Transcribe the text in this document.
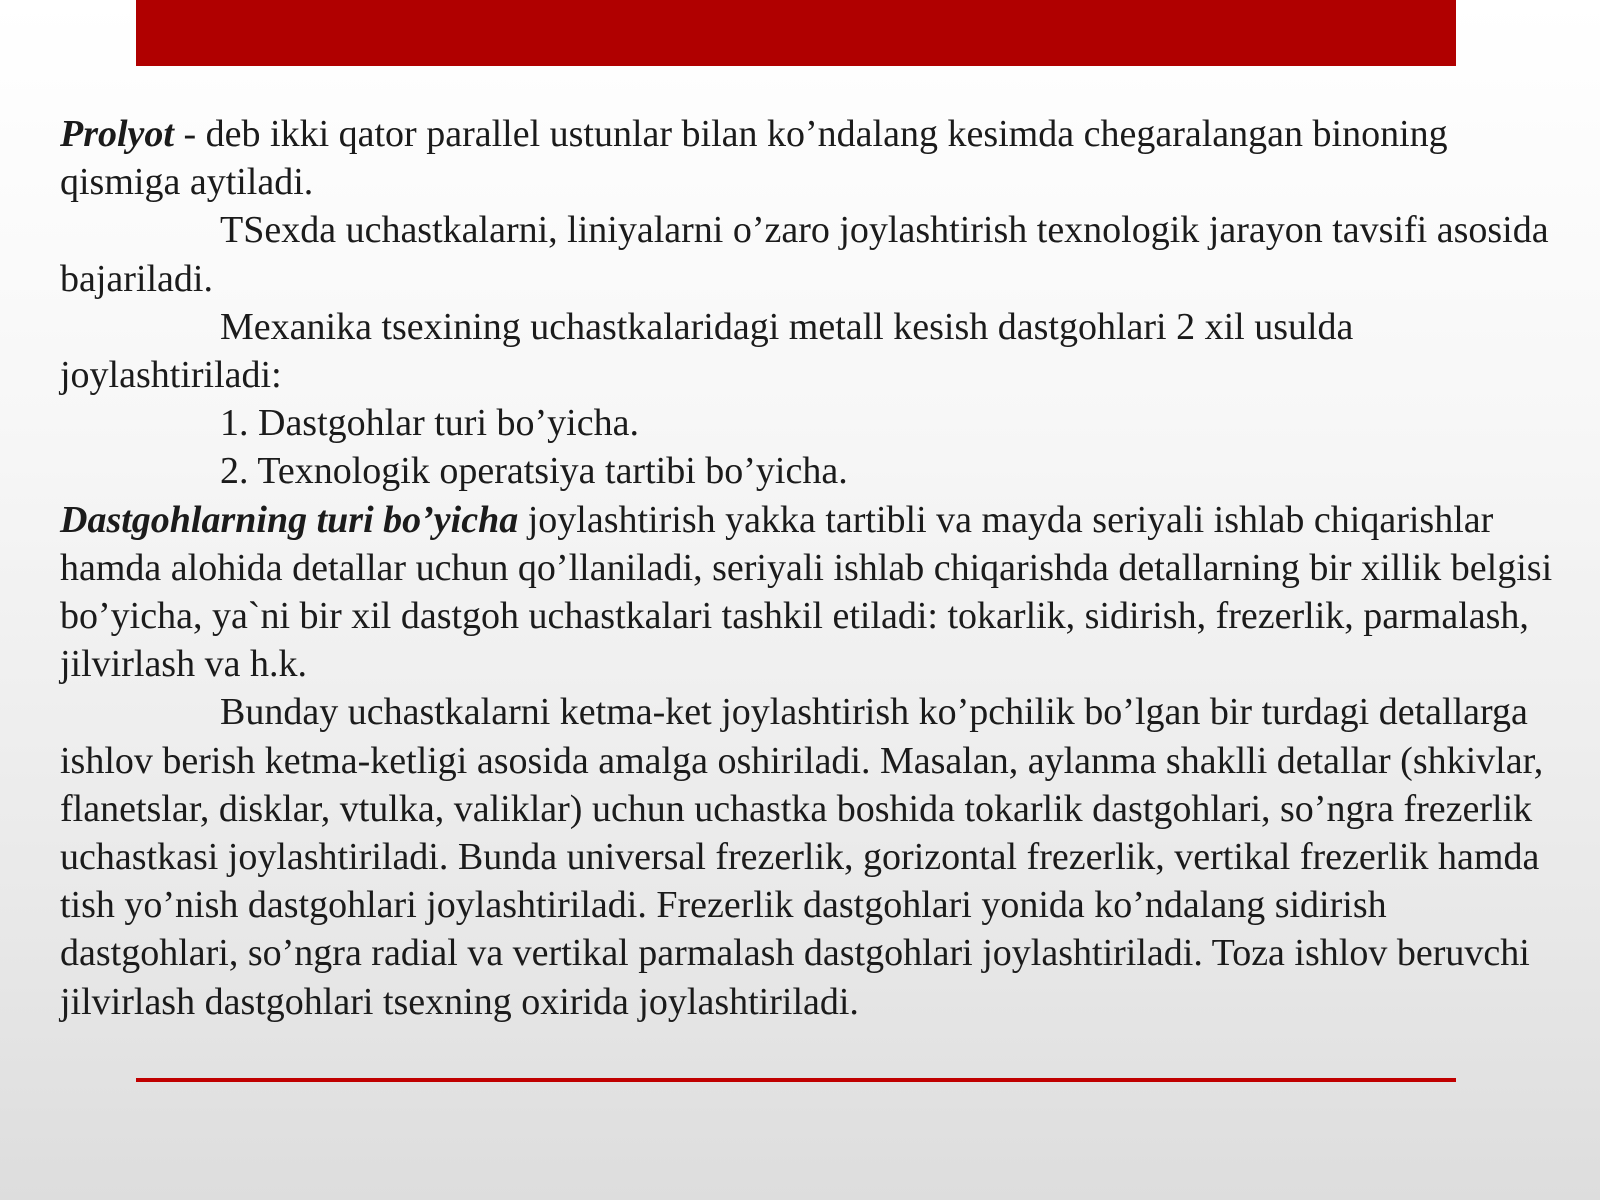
Prolyot - deb ikki qator parallel ustunlar bilan ko’ndalang kesimda chegaralangan binoning qismiga aytiladi.

TSexda uchastkalarni, liniyalarni o’zaro joylashtirish texnologik jarayon tavsifi asosida bajariladi.

Mexanika tsexining uchastkalaridagi metall kesish dastgohlari 2 xil usulda joylashtiriladi:

1. Dastgohlar turi bo’yicha.

2. Texnologik operatsiya tartibi bo’yicha.

Dastgohlarning turi bo’yicha joylashtirish yakka tartibli va mayda seriyali ishlab chiqarishlar hamda alohida detallar uchun qo’llaniladi, seriyali ishlab chiqarishda detallarning bir xillik belgisi bo’yicha, ya`ni bir xil dastgoh uchastkalari tashkil etiladi: tokarlik, sidirish, frezerlik, parmalash, jilvirlash va h.k.

Bunday uchastkalarni ketma-ket joylashtirish ko’pchilik bo’lgan bir turdagi detallarga ishlov berish ketma-ketligi asosida amalga oshiriladi. Masalan, aylanma shaklli detallar (shkivlar, flanetslar, disklar, vtulka, valiklar) uchun uchastka boshida tokarlik dastgohlari, so’ngra frezerlik uchastkasi joylashtiriladi. Bunda universal frezerlik, gorizontal frezerlik, vertikal frezerlik hamda tish yo’nish dastgohlari joylashtiriladi. Frezerlik dastgohlari yonida ko’ndalang sidirish dastgohlari, so’ngra radial va vertikal parmalash dastgohlari joylashtiriladi. Toza ishlov beruvchi jilvirlash dastgohlari tsexning oxirida joylashtiriladi.
